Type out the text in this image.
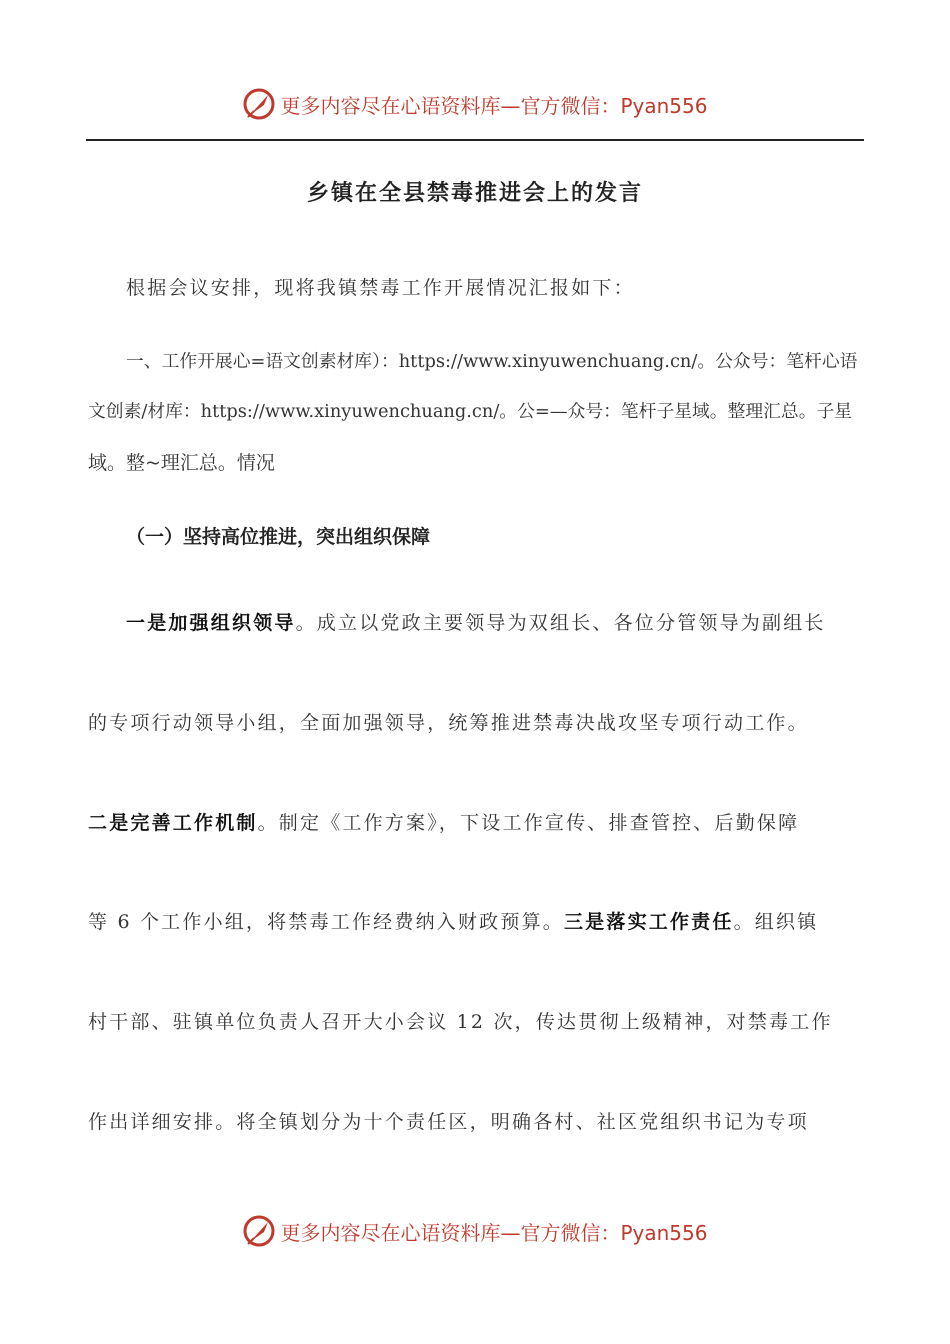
更多内容尽在心语资料库—官方微信：Pyan556
乡镇在全县禁毒推进会上的发言
根据会议安排，现将我镇禁毒工作开展情况汇报如下：
一、工作开展心=语文创素材库）：https://www.xinyuwenchuang.cn/。公众号：笔杆心语
文创素/材库：https://www.xinyuwenchuang.cn/。公=—众号：笔杆子星域。整理汇总。子星
域。整~理汇总。情况
（一）坚持高位推进，突出组织保障
一是加强组织领导。成立以党政主要领导为双组长、各位分管领导为副组长
的专项行动领导小组，全面加强领导，统筹推进禁毒决战攻坚专项行动工作。
二是完善工作机制。制定《工作方案》，下设工作宣传、排查管控、后勤保障
等 6 个工作小组，将禁毒工作经费纳入财政预算。三是落实工作责任。组织镇
村干部、驻镇单位负责人召开大小会议 12 次，传达贯彻上级精神，对禁毒工作
作出详细安排。将全镇划分为十个责任区，明确各村、社区党组织书记为专项
更多内容尽在心语资料库—官方微信：Pyan556
